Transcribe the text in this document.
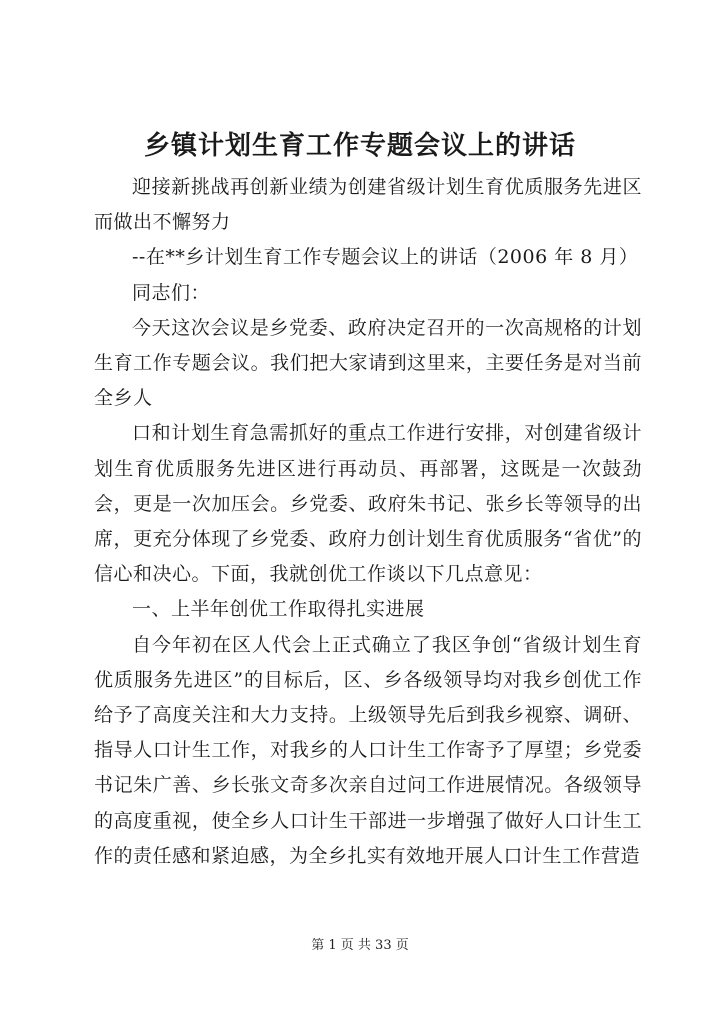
乡镇计划生育工作专题会议上的讲话

迎接新挑战再创新业绩为创建省级计划生育优质服务先进区而做出不懈努力

--在**乡计划生育工作专题会议上的讲话（2006 年 8 月）

同志们：

今天这次会议是乡党委、政府决定召开的一次高规格的计划生育工作专题会议。我们把大家请到这里来，主要任务是对当前全乡人

口和计划生育急需抓好的重点工作进行安排，对创建省级计划生育优质服务先进区进行再动员、再部署，这既是一次鼓劲会，更是一次加压会。乡党委、政府朱书记、张乡长等领导的出席，更充分体现了乡党委、政府力创计划生育优质服务“省优”的信心和决心。下面，我就创优工作谈以下几点意见：

一、上半年创优工作取得扎实进展

自今年初在区人代会上正式确立了我区争创“省级计划生育优质服务先进区”的目标后，区、乡各级领导均对我乡创优工作给予了高度关注和大力支持。上级领导先后到我乡视察、调研、指导人口计生工作，对我乡的人口计生工作寄予了厚望；乡党委书记朱广善、乡长张文奇多次亲自过问工作进展情况。各级领导的高度重视，使全乡人口计生干部进一步增强了做好人口计生工作的责任感和紧迫感，为全乡扎实有效地开展人口计生工作营造

第 1 页 共 33 页
